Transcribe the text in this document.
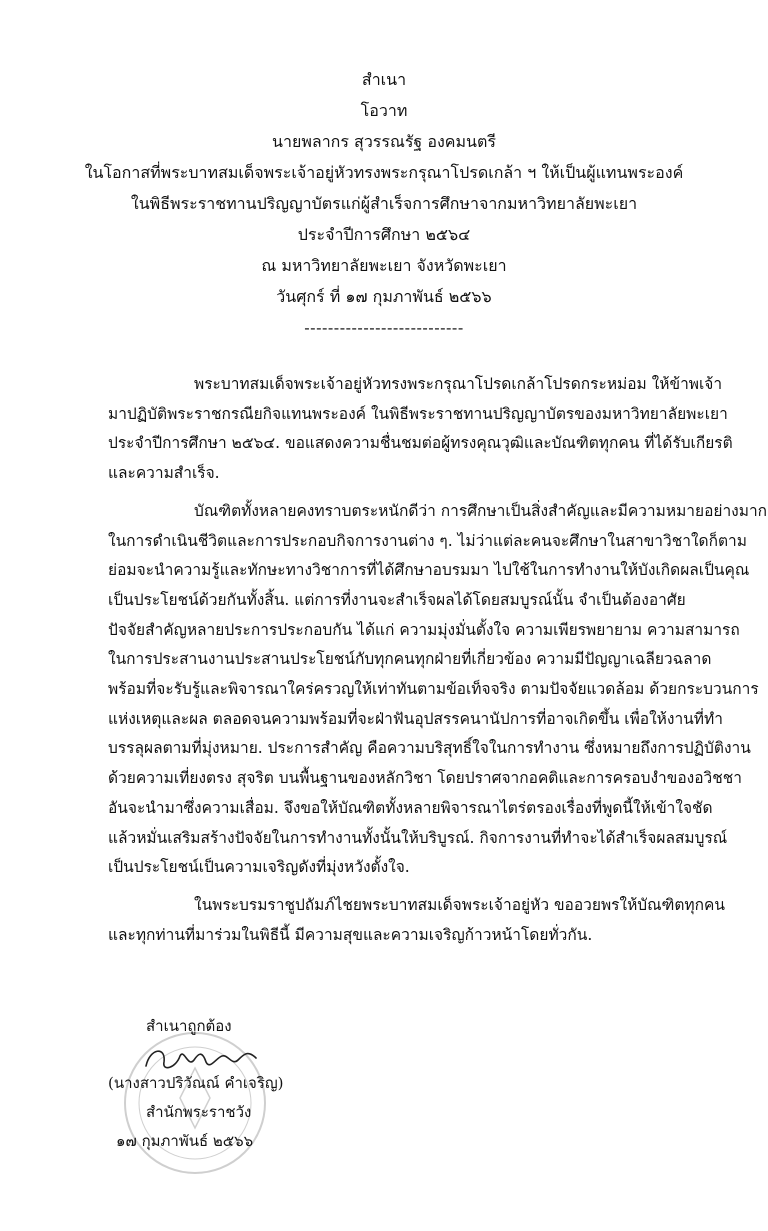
สำเนา
โอวาท
นายพลากร สุวรรณรัฐ องคมนตรี
ในโอกาสที่พระบาทสมเด็จพระเจ้าอยู่หัวทรงพระกรุณาโปรดเกล้า ฯ ให้เป็นผู้แทนพระองค์
ในพิธีพระราชทานปริญญาบัตรแก่ผู้สำเร็จการศึกษาจากมหาวิทยาลัยพะเยา
ประจำปีการศึกษา ๒๕๖๔
ณ มหาวิทยาลัยพะเยา จังหวัดพะเยา
วันศุกร์ ที่ ๑๗ กุมภาพันธ์ ๒๕๖๖
---------------------------
พระบาทสมเด็จพระเจ้าอยู่หัวทรงพระกรุณาโปรดเกล้าโปรดกระหม่อม ให้ข้าพเจ้า
มาปฏิบัติพระราชกรณียกิจแทนพระองค์ ในพิธีพระราชทานปริญญาบัตรของมหาวิทยาลัยพะเยา
ประจำปีการศึกษา ๒๕๖๔. ขอแสดงความชื่นชมต่อผู้ทรงคุณวุฒิและบัณฑิตทุกคน ที่ได้รับเกียรติ
และความสำเร็จ.
บัณฑิตทั้งหลายคงทราบตระหนักดีว่า การศึกษาเป็นสิ่งสำคัญและมีความหมายอย่างมาก
ในการดำเนินชีวิตและการประกอบกิจการงานต่าง ๆ. ไม่ว่าแต่ละคนจะศึกษาในสาขาวิชาใดก็ตาม
ย่อมจะนำความรู้และทักษะทางวิชาการที่ได้ศึกษาอบรมมา ไปใช้ในการทำงานให้บังเกิดผลเป็นคุณ
เป็นประโยชน์ด้วยกันทั้งสิ้น. แต่การที่งานจะสำเร็จผลได้โดยสมบูรณ์นั้น จำเป็นต้องอาศัย
ปัจจัยสำคัญหลายประการประกอบกัน ได้แก่ ความมุ่งมั่นตั้งใจ ความเพียรพยายาม ความสามารถ
ในการประสานงานประสานประโยชน์กับทุกคนทุกฝ่ายที่เกี่ยวข้อง ความมีปัญญาเฉลียวฉลาด
พร้อมที่จะรับรู้และพิจารณาใคร่ครวญให้เท่าทันตามข้อเท็จจริง ตามปัจจัยแวดล้อม ด้วยกระบวนการ
แห่งเหตุและผล ตลอดจนความพร้อมที่จะฝ่าฟันอุปสรรคนานัปการที่อาจเกิดขึ้น เพื่อให้งานที่ทำ
บรรลุผลตามที่มุ่งหมาย. ประการสำคัญ คือความบริสุทธิ์ใจในการทำงาน ซึ่งหมายถึงการปฏิบัติงาน
ด้วยความเที่ยงตรง สุจริต บนพื้นฐานของหลักวิชา โดยปราศจากอคติและการครอบงำของอวิชชา
อันจะนำมาซึ่งความเสื่อม. จึงขอให้บัณฑิตทั้งหลายพิจารณาไตร่ตรองเรื่องที่พูดนี้ให้เข้าใจชัด
แล้วหมั่นเสริมสร้างปัจจัยในการทำงานทั้งนั้นให้บริบูรณ์. กิจการงานที่ทำจะได้สำเร็จผลสมบูรณ์
เป็นประโยชน์เป็นความเจริญดังที่มุ่งหวังตั้งใจ.
ในพระบรมราชูปถัมภ์ไชยพระบาทสมเด็จพระเจ้าอยู่หัว ขออวยพรให้บัณฑิตทุกคน
และทุกท่านที่มาร่วมในพิธีนี้ มีความสุขและความเจริญก้าวหน้าโดยทั่วกัน.
สำเนาถูกต้อง
(นางสาวปริวัณณ์ คำเจริญ)
สำนักพระราชวัง
๑๗ กุมภาพันธ์ ๒๕๖๖
